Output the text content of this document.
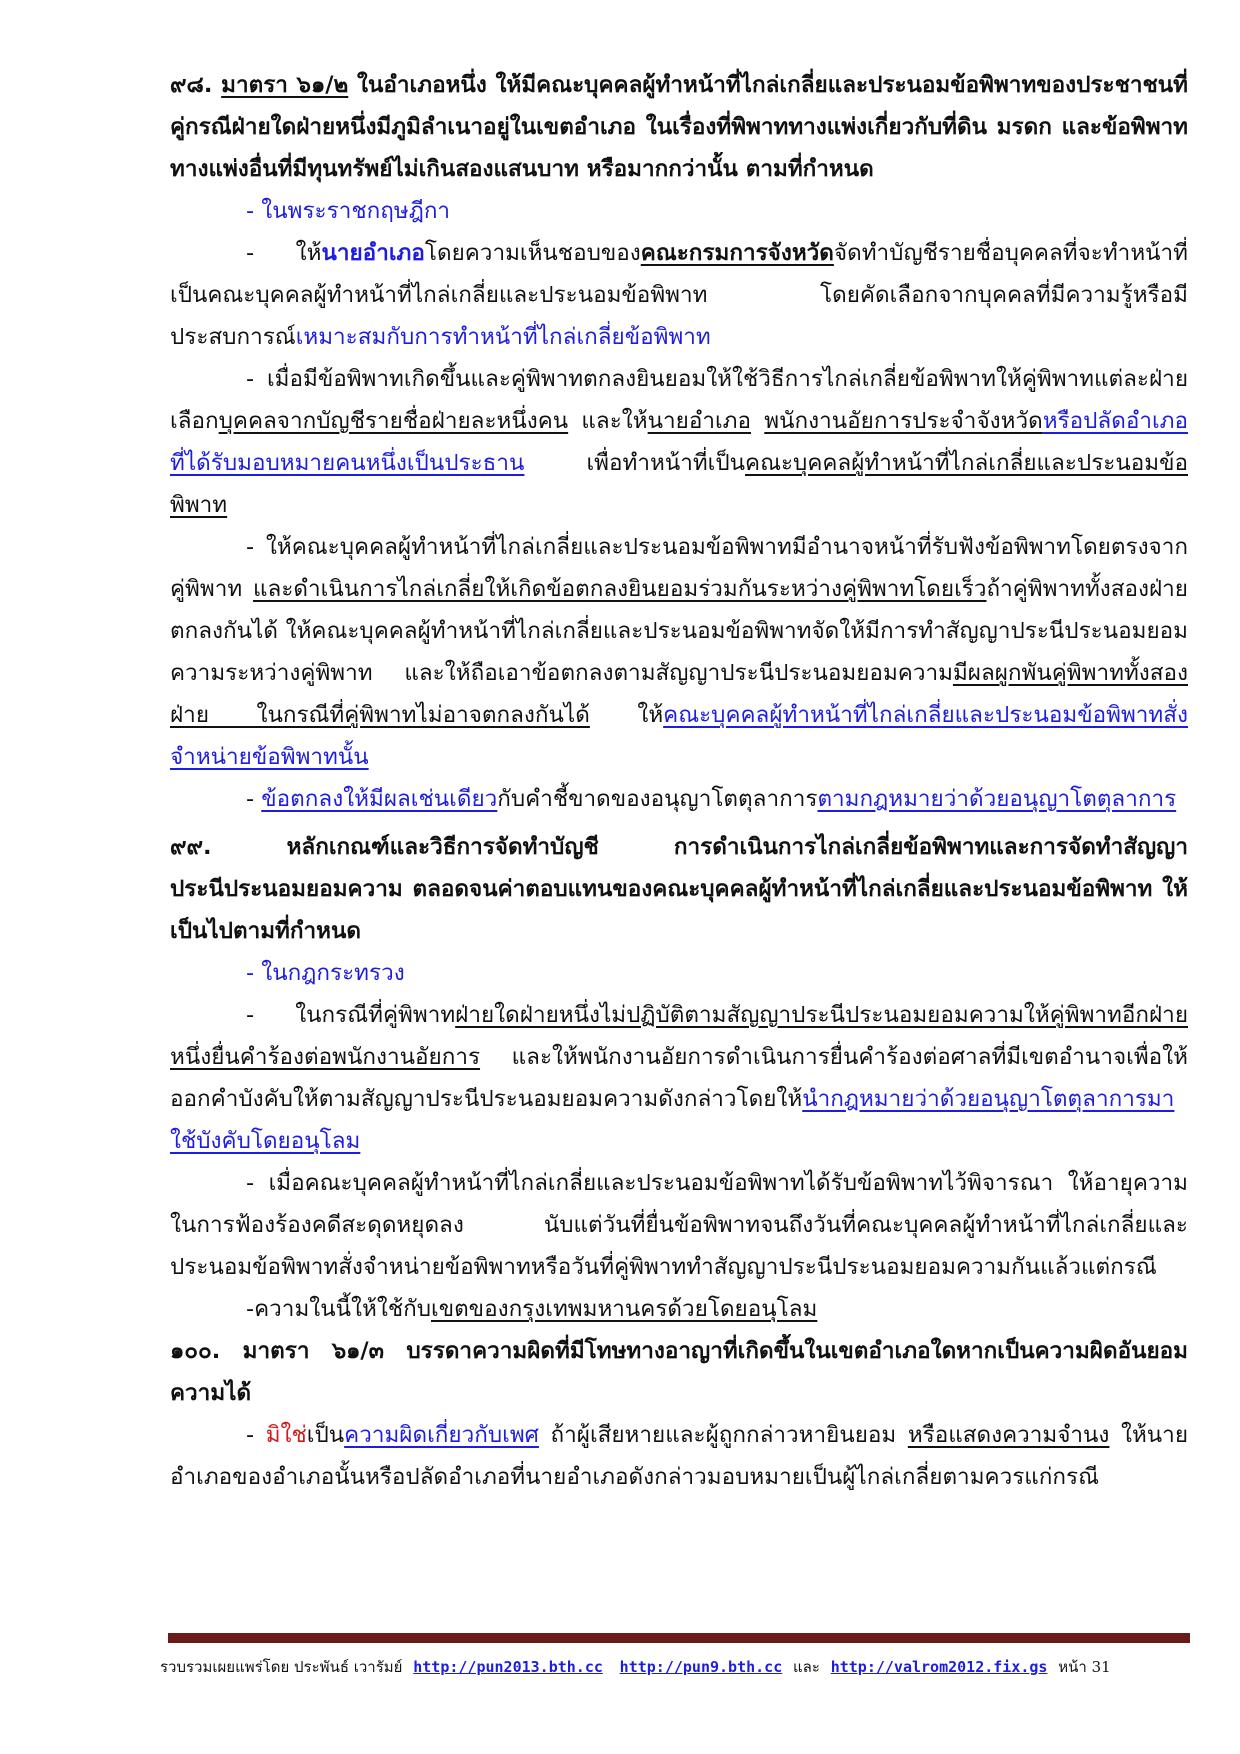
๙๘. มาตรา ๖๑/๒ ในอำเภอหนึ่ง ให้มีคณะบุคคลผู้ทำหน้าที่ไกล่เกลี่ยและประนอมข้อพิพาทของประชาชนที่คู่กรณีฝ่ายใดฝ่ายหนึ่งมีภูมิลำเนาอยู่ในเขตอำเภอ ในเรื่องที่พิพาททางแพ่งเกี่ยวกับที่ดิน มรดก และข้อพิพาททางแพ่งอื่นที่มีทุนทรัพย์ไม่เกินสองแสนบาท หรือมากกว่านั้น ตามที่กำหนด

- ในพระราชกฤษฎีกา

- ให้นายอำเภอโดยความเห็นชอบของคณะกรมการจังหวัดจัดทำบัญชีรายชื่อบุคคลที่จะทำหน้าที่เป็นคณะบุคคลผู้ทำหน้าที่ไกล่เกลี่ยและประนอมข้อพิพาท โดยคัดเลือกจากบุคคลที่มีความรู้หรือมีประสบการณ์เหมาะสมกับการทำหน้าที่ไกล่เกลี่ยข้อพิพาท

- เมื่อมีข้อพิพาทเกิดขึ้นและคู่พิพาทตกลงยินยอมให้ใช้วิธีการไกล่เกลี่ยข้อพิพาทให้คู่พิพาทแต่ละฝ่ายเลือกบุคคลจากบัญชีรายชื่อฝ่ายละหนึ่งคน และให้นายอำเภอ พนักงานอัยการประจำจังหวัดหรือปลัดอำเภอที่ได้รับมอบหมายคนหนึ่งเป็นประธาน เพื่อทำหน้าที่เป็นคณะบุคคลผู้ทำหน้าที่ไกล่เกลี่ยและประนอมข้อพิพาท

- ให้คณะบุคคลผู้ทำหน้าที่ไกล่เกลี่ยและประนอมข้อพิพาทมีอำนาจหน้าที่รับฟังข้อพิพาทโดยตรงจากคู่พิพาท และดำเนินการไกล่เกลี่ยให้เกิดข้อตกลงยินยอมร่วมกันระหว่างคู่พิพาทโดยเร็วถ้าคู่พิพาททั้งสองฝ่ายตกลงกันได้ ให้คณะบุคคลผู้ทำหน้าที่ไกล่เกลี่ยและประนอมข้อพิพาทจัดให้มีการทำสัญญาประนีประนอมยอมความระหว่างคู่พิพาท และให้ถือเอาข้อตกลงตามสัญญาประนีประนอมยอมความมีผลผูกพันคู่พิพาททั้งสองฝ่าย ในกรณีที่คู่พิพาทไม่อาจตกลงกันได้ ให้คณะบุคคลผู้ทำหน้าที่ไกล่เกลี่ยและประนอมข้อพิพาทสั่งจำหน่ายข้อพิพาทนั้น

- ข้อตกลงให้มีผลเช่นเดียวกับคำชี้ขาดของอนุญาโตตุลาการตามกฎหมายว่าด้วยอนุญาโตตุลาการ

๙๙. หลักเกณฑ์และวิธีการจัดทำบัญชี การดำเนินการไกล่เกลี่ยข้อพิพาทและการจัดทำสัญญาประนีประนอมยอมความ ตลอดจนค่าตอบแทนของคณะบุคคลผู้ทำหน้าที่ไกล่เกลี่ยและประนอมข้อพิพาท ให้เป็นไปตามที่กำหนด

- ในกฎกระทรวง

- ในกรณีที่คู่พิพาทฝ่ายใดฝ่ายหนึ่งไม่ปฏิบัติตามสัญญาประนีประนอมยอมความให้คู่พิพาทอีกฝ่ายหนึ่งยื่นคำร้องต่อพนักงานอัยการ และให้พนักงานอัยการดำเนินการยื่นคำร้องต่อศาลที่มีเขตอำนาจเพื่อให้ออกคำบังคับให้ตามสัญญาประนีประนอมยอมความดังกล่าวโดยให้นำกฎหมายว่าด้วยอนุญาโตตุลาการมาใช้บังคับโดยอนุโลม

- เมื่อคณะบุคคลผู้ทำหน้าที่ไกล่เกลี่ยและประนอมข้อพิพาทได้รับข้อพิพาทไว้พิจารณา ให้อายุความในการฟ้องร้องคดีสะดุดหยุดลง นับแต่วันที่ยื่นข้อพิพาทจนถึงวันที่คณะบุคคลผู้ทำหน้าที่ไกล่เกลี่ยและประนอมข้อพิพาทสั่งจำหน่ายข้อพิพาทหรือวันที่คู่พิพาททำสัญญาประนีประนอมยอมความกันแล้วแต่กรณี

-ความในนี้ให้ใช้กับเขตของกรุงเทพมหานครด้วยโดยอนุโลม

๑๐๐. มาตรา ๖๑/๓ บรรดาความผิดที่มีโทษทางอาญาที่เกิดขึ้นในเขตอำเภอใดหากเป็นความผิดอันยอมความได้

- มิใช่เป็นความผิดเกี่ยวกับเพศ ถ้าผู้เสียหายและผู้ถูกกล่าวหายินยอม หรือแสดงความจำนง ให้นายอำเภอของอำเภอนั้นหรือปลัดอำเภอที่นายอำเภอดังกล่าวมอบหมายเป็นผู้ไกล่เกลี่ยตามควรแก่กรณี

รวบรวมเผยแพร่โดย ประพันธ์ เวารัมย์ http://pun2013.bth.cc http://pun9.bth.cc และ http://valrom2012.fix.gs หน้า 31
